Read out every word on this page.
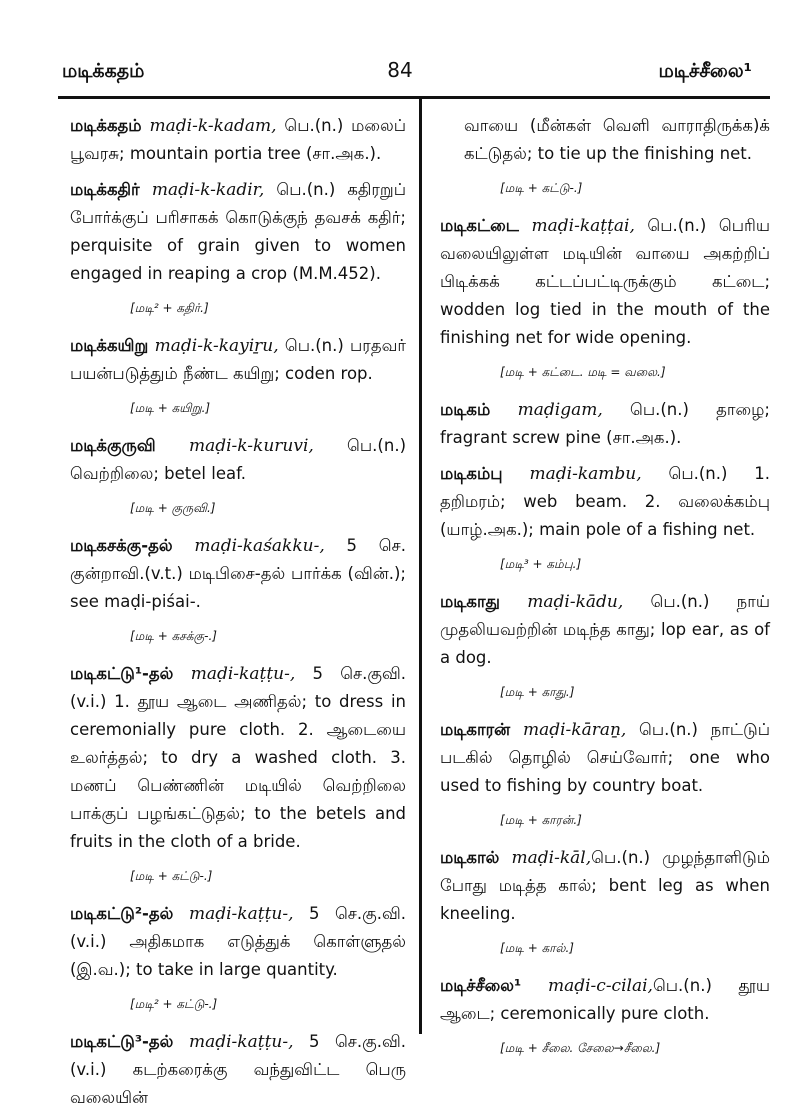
மடிக்கதம்	84	மடிச்சீலை¹
மடிக்கதம் maḍi-k-kadam, பெ.(n.) மலைப் பூவரசு; mountain portia tree (சா.அக.).
மடிக்கதிர் maḍi-k-kadir, பெ.(n.) கதிரறுப் போர்க்குப் பரிசாகக் கொடுக்குந் தவசக் கதிர்; perquisite of grain given to women engaged in reaping a crop (M.M.452).
[மடி² + கதிர்.]
மடிக்கயிறு maḍi-k-kayiṟu, பெ.(n.) பரதவர் பயன்படுத்தும் நீண்ட கயிறு; coden rop.
[மடி + கயிறு.]
மடிக்குருவி maḍi-k-kuruvi, பெ.(n.) வெற்றிலை; betel leaf.
[மடி + குருவி.]
மடிகசக்கு-தல் maḍi-kaśakku-, 5 செ. குன்றாவி.(v.t.) மடிபிசை-தல் பார்க்க (வின்.); see maḍi-piśai-.
[மடி + கசக்கு-.]
மடிகட்டு¹-தல் maḍi-kaṭṭu-, 5 செ.குவி.(v.i.) 1. தூய ஆடை அணிதல்; to dress in ceremonially pure cloth. 2. ஆடையை உலர்த்தல்; to dry a washed cloth. 3. மணப் பெண்ணின் மடியில் வெற்றிலை பாக்குப் பழங்கட்டுதல்; to the betels and fruits in the cloth of a bride.
[மடி + கட்டு-.]
மடிகட்டு²-தல் maḍi-kaṭṭu-, 5 செ.கு.வி. (v.i.) அதிகமாக எடுத்துக் கொள்ளுதல் (இ.வ.); to take in large quantity.
[மடி² + கட்டு-.]
மடிகட்டு³-தல் maḍi-kaṭṭu-, 5 செ.கு.வி. (v.i.) கடற்கரைக்கு வந்துவிட்ட பெரு வலையின்
வாயை (மீன்கள் வெளி வாராதிருக்க)க் கட்டுதல்; to tie up the finishing net.
[மடி + கட்டு-.]
மடிகட்டை maḍi-kaṭṭai, பெ.(n.) பெரிய வலையிலுள்ள மடியின் வாயை அகற்றிப் பிடிக்கக் கட்டப்பட்டிருக்கும் கட்டை; wodden log tied in the mouth of the finishing net for wide opening.
[மடி + கட்டை. மடி = வலை.]
மடிகம் maḍigam, பெ.(n.) தாழை; fragrant screw pine (சா.அக.).
மடிகம்பு maḍi-kambu, பெ.(n.) 1. தறிமரம்; web beam. 2. வலைக்கம்பு (யாழ்.அக.); main pole of a fishing net.
[மடி³ + கம்பு.]
மடிகாது maḍi-kādu, பெ.(n.) நாய் முதலியவற்றின் மடிந்த காது; lop ear, as of a dog.
[மடி + காது.]
மடிகாரன் maḍi-kāraṉ, பெ.(n.) நாட்டுப் படகில் தொழில் செய்வோர்; one who used to fishing by country boat.
[மடி + காரன்.]
மடிகால் maḍi-kāl,பெ.(n.) முழந்தாளிடும் போது மடித்த கால்; bent leg as when kneeling.
[மடி + கால்.]
மடிச்சீலை¹ maḍi-c-cilai,பெ.(n.) தூய ஆடை; ceremonically pure cloth.
[மடி + சீலை. சேலை→சீலை.]
